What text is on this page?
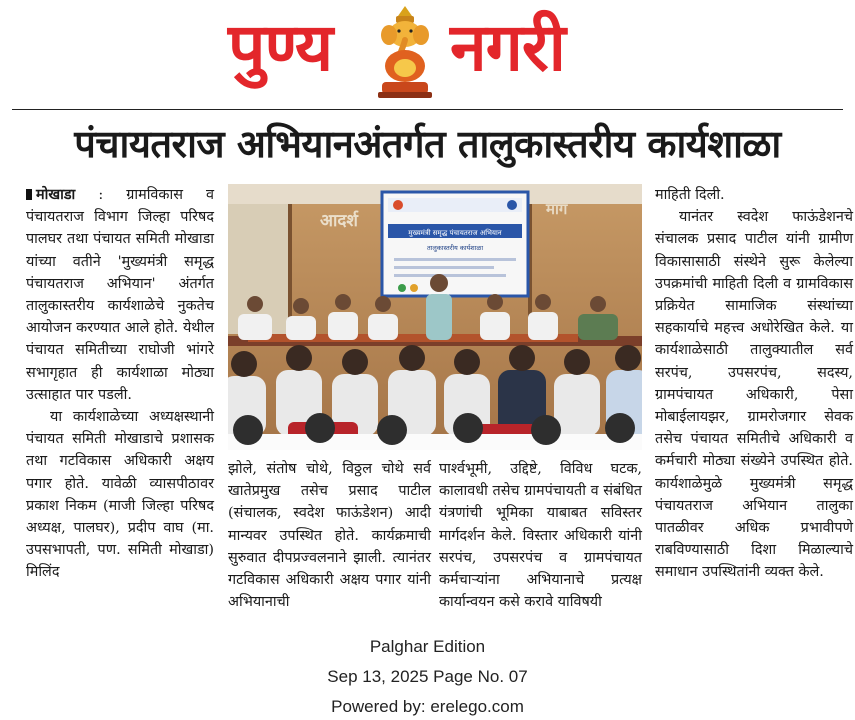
पुण्य नगरी
पंचायतराज अभियानअंतर्गत तालुकास्तरीय कार्यशाळा

मोखाडा : ग्रामविकास व पंचायतराज विभाग जिल्हा परिषद पालघर तथा पंचायत समिती मोखाडा यांच्या वतीने 'मुख्यमंत्री समृद्ध पंचायतराज अभियान' अंतर्गत तालुकास्तरीय कार्यशाळेचे नुकतेच आयोजन करण्यात आले होते. येथील पंचायत समितीच्या राघोजी भांगरे सभागृहात ही कार्यशाळा मोठ्या उत्साहात पार पडली.

या कार्यशाळेच्या अध्यक्षस्थानी पंचायत समिती मोखाडाचे प्रशासक तथा गटविकास अधिकारी अक्षय पगार होते. यावेळी व्यासपीठावर प्रकाश निकम (माजी जिल्हा परिषद अध्यक्ष, पालघर), प्रदीप वाघ (मा. उपसभापती, पण. समिती मोखाडा) मिलिंद

आदर्श
माग
मुख्यमंत्री समृद्ध पंचायतराज अभियान
तालुकास्तरीय कार्यशाळा

झोले, संतोष चोथे, विठ्ठल चोथे सर्व खातेप्रमुख तसेच प्रसाद पाटील (संचालक, स्वदेश फाऊंडेशन) आदी मान्यवर उपस्थित होते. कार्यक्रमाची सुरुवात दीपप्रज्वलनाने झाली. त्यानंतर गटविकास अधिकारी अक्षय पगार यांनी अभियानाची

पार्श्वभूमी, उद्दिष्टे, विविध घटक, कालावधी तसेच ग्रामपंचायती व संबंधित यंत्रणांची भूमिका याबाबत सविस्तर मार्गदर्शन केले. विस्तार अधिकारी यांनी सरपंच, उपसरपंच व ग्रामपंचायत कर्मचाऱ्यांना अभियानाचे प्रत्यक्ष कार्यान्वयन कसे करावे याविषयी

माहिती दिली.

यानंतर स्वदेश फाऊंडेशनचे संचालक प्रसाद पाटील यांनी ग्रामीण विकासासाठी संस्थेने सुरू केलेल्या उपक्रमांची माहिती दिली व ग्रामविकास प्रक्रियेत सामाजिक संस्थांच्या सहकार्याचे महत्त्व अधोरेखित केले. या कार्यशाळेसाठी तालुक्यातील सर्व सरपंच, उपसरपंच, सदस्य, ग्रामपंचायत अधिकारी, पेसा मोबाईलायझर, ग्रामरोजगार सेवक तसेच पंचायत समितीचे अधिकारी व कर्मचारी मोठ्या संख्येने उपस्थित होते. कार्यशाळेमुळे मुख्यमंत्री समृद्ध पंचायतराज अभियान तालुका पातळीवर अधिक प्रभावीपणे राबविण्यासाठी दिशा मिळाल्याचे समाधान उपस्थितांनी व्यक्त केले.

Palghar Edition
Sep 13, 2025 Page No. 07
Powered by: erelego.com
